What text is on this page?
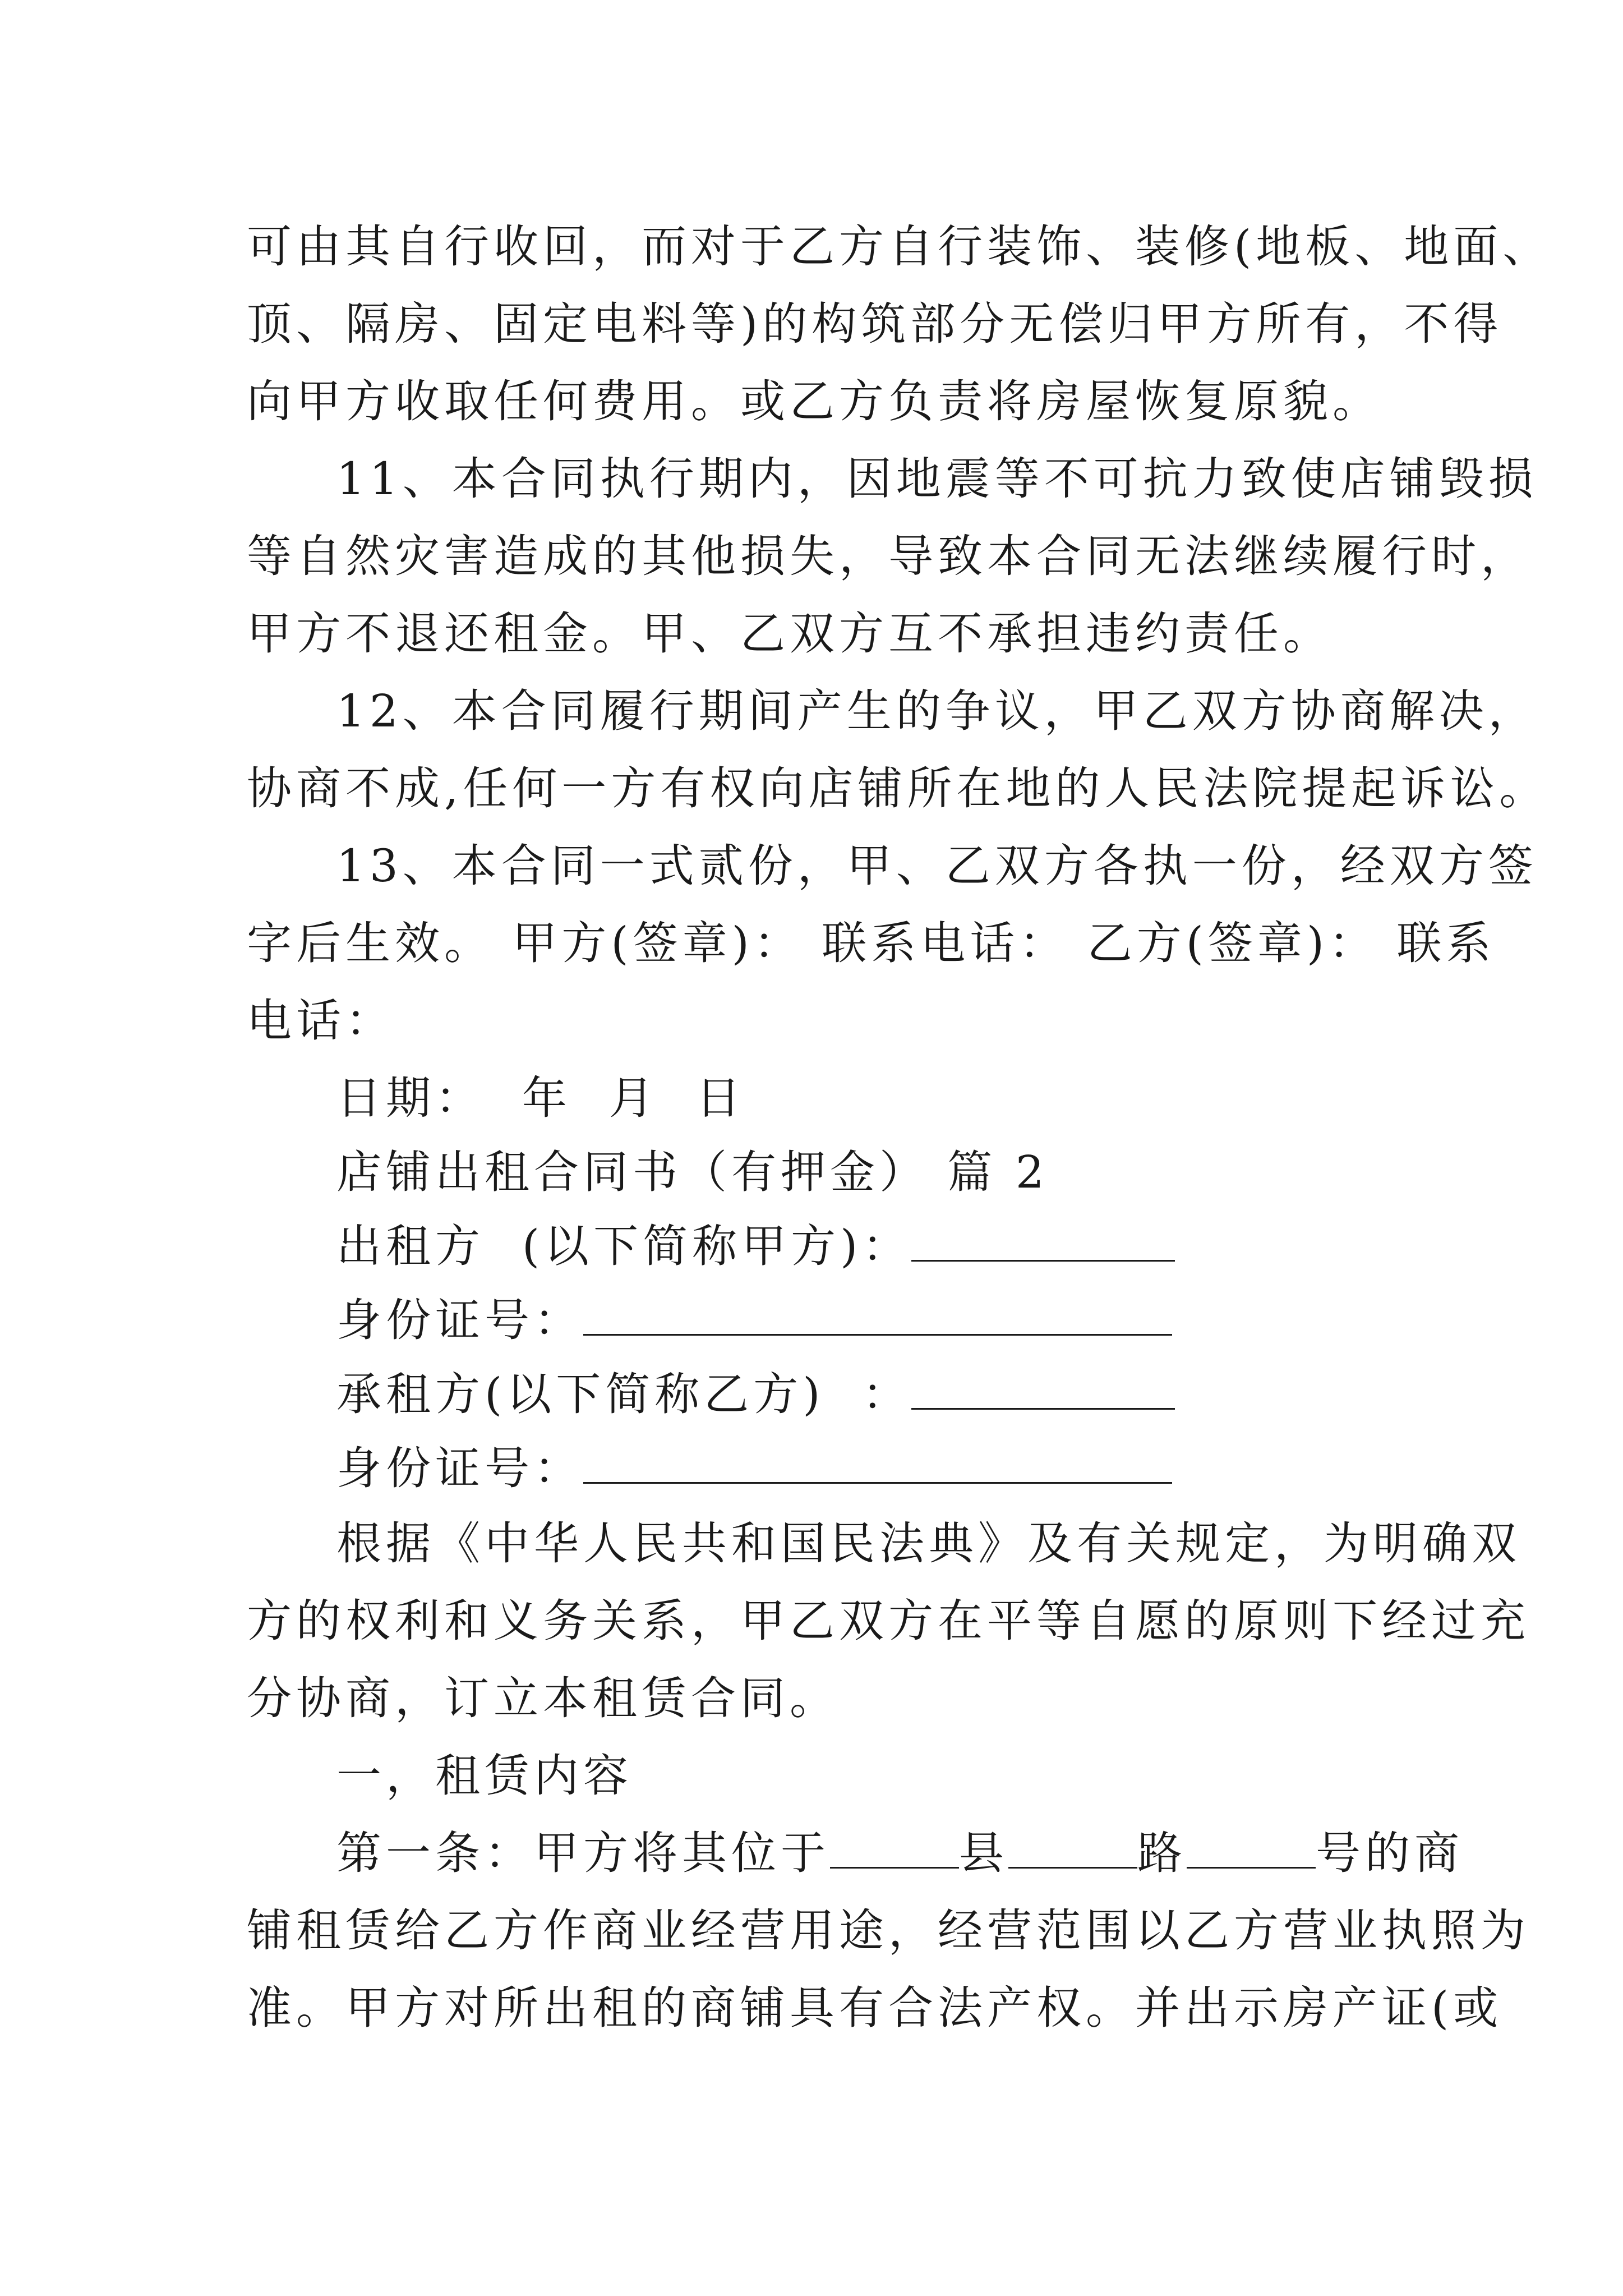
可由其自行收回，而对于乙方自行装饰、装修(地板、地面、
顶、隔房、固定电料等)的构筑部分无偿归甲方所有，不得
向甲方收取任何费用。或乙方负责将房屋恢复原貌。
11、本合同执行期内，因地震等不可抗力致使店铺毁损
等自然灾害造成的其他损失，导致本合同无法继续履行时，
甲方不退还租金。甲、乙双方互不承担违约责任。
12、本合同履行期间产生的争议，甲乙双方协商解决，
协商不成,任何一方有权向店铺所在地的人民法院提起诉讼。
13、本合同一式贰份，甲、乙双方各执一份，经双方签
字后生效。 甲方(签章)： 联系电话： 乙方(签章)： 联系
电话：
日期：  年  月  日
店铺出租合同书（有押金） 篇 2
出租方  (以下简称甲方)：
身份证号：
承租方(以下简称乙方)  ：
身份证号：
根据《中华人民共和国民法典》及有关规定，为明确双
方的权利和义务关系，甲乙双方在平等自愿的原则下经过充
分协商，订立本租赁合同。
一，租赁内容
第一条：甲方将其位于	县	路	号的商
铺租赁给乙方作商业经营用途，经营范围以乙方营业执照为
准。甲方对所出租的商铺具有合法产权。并出示房产证(或
